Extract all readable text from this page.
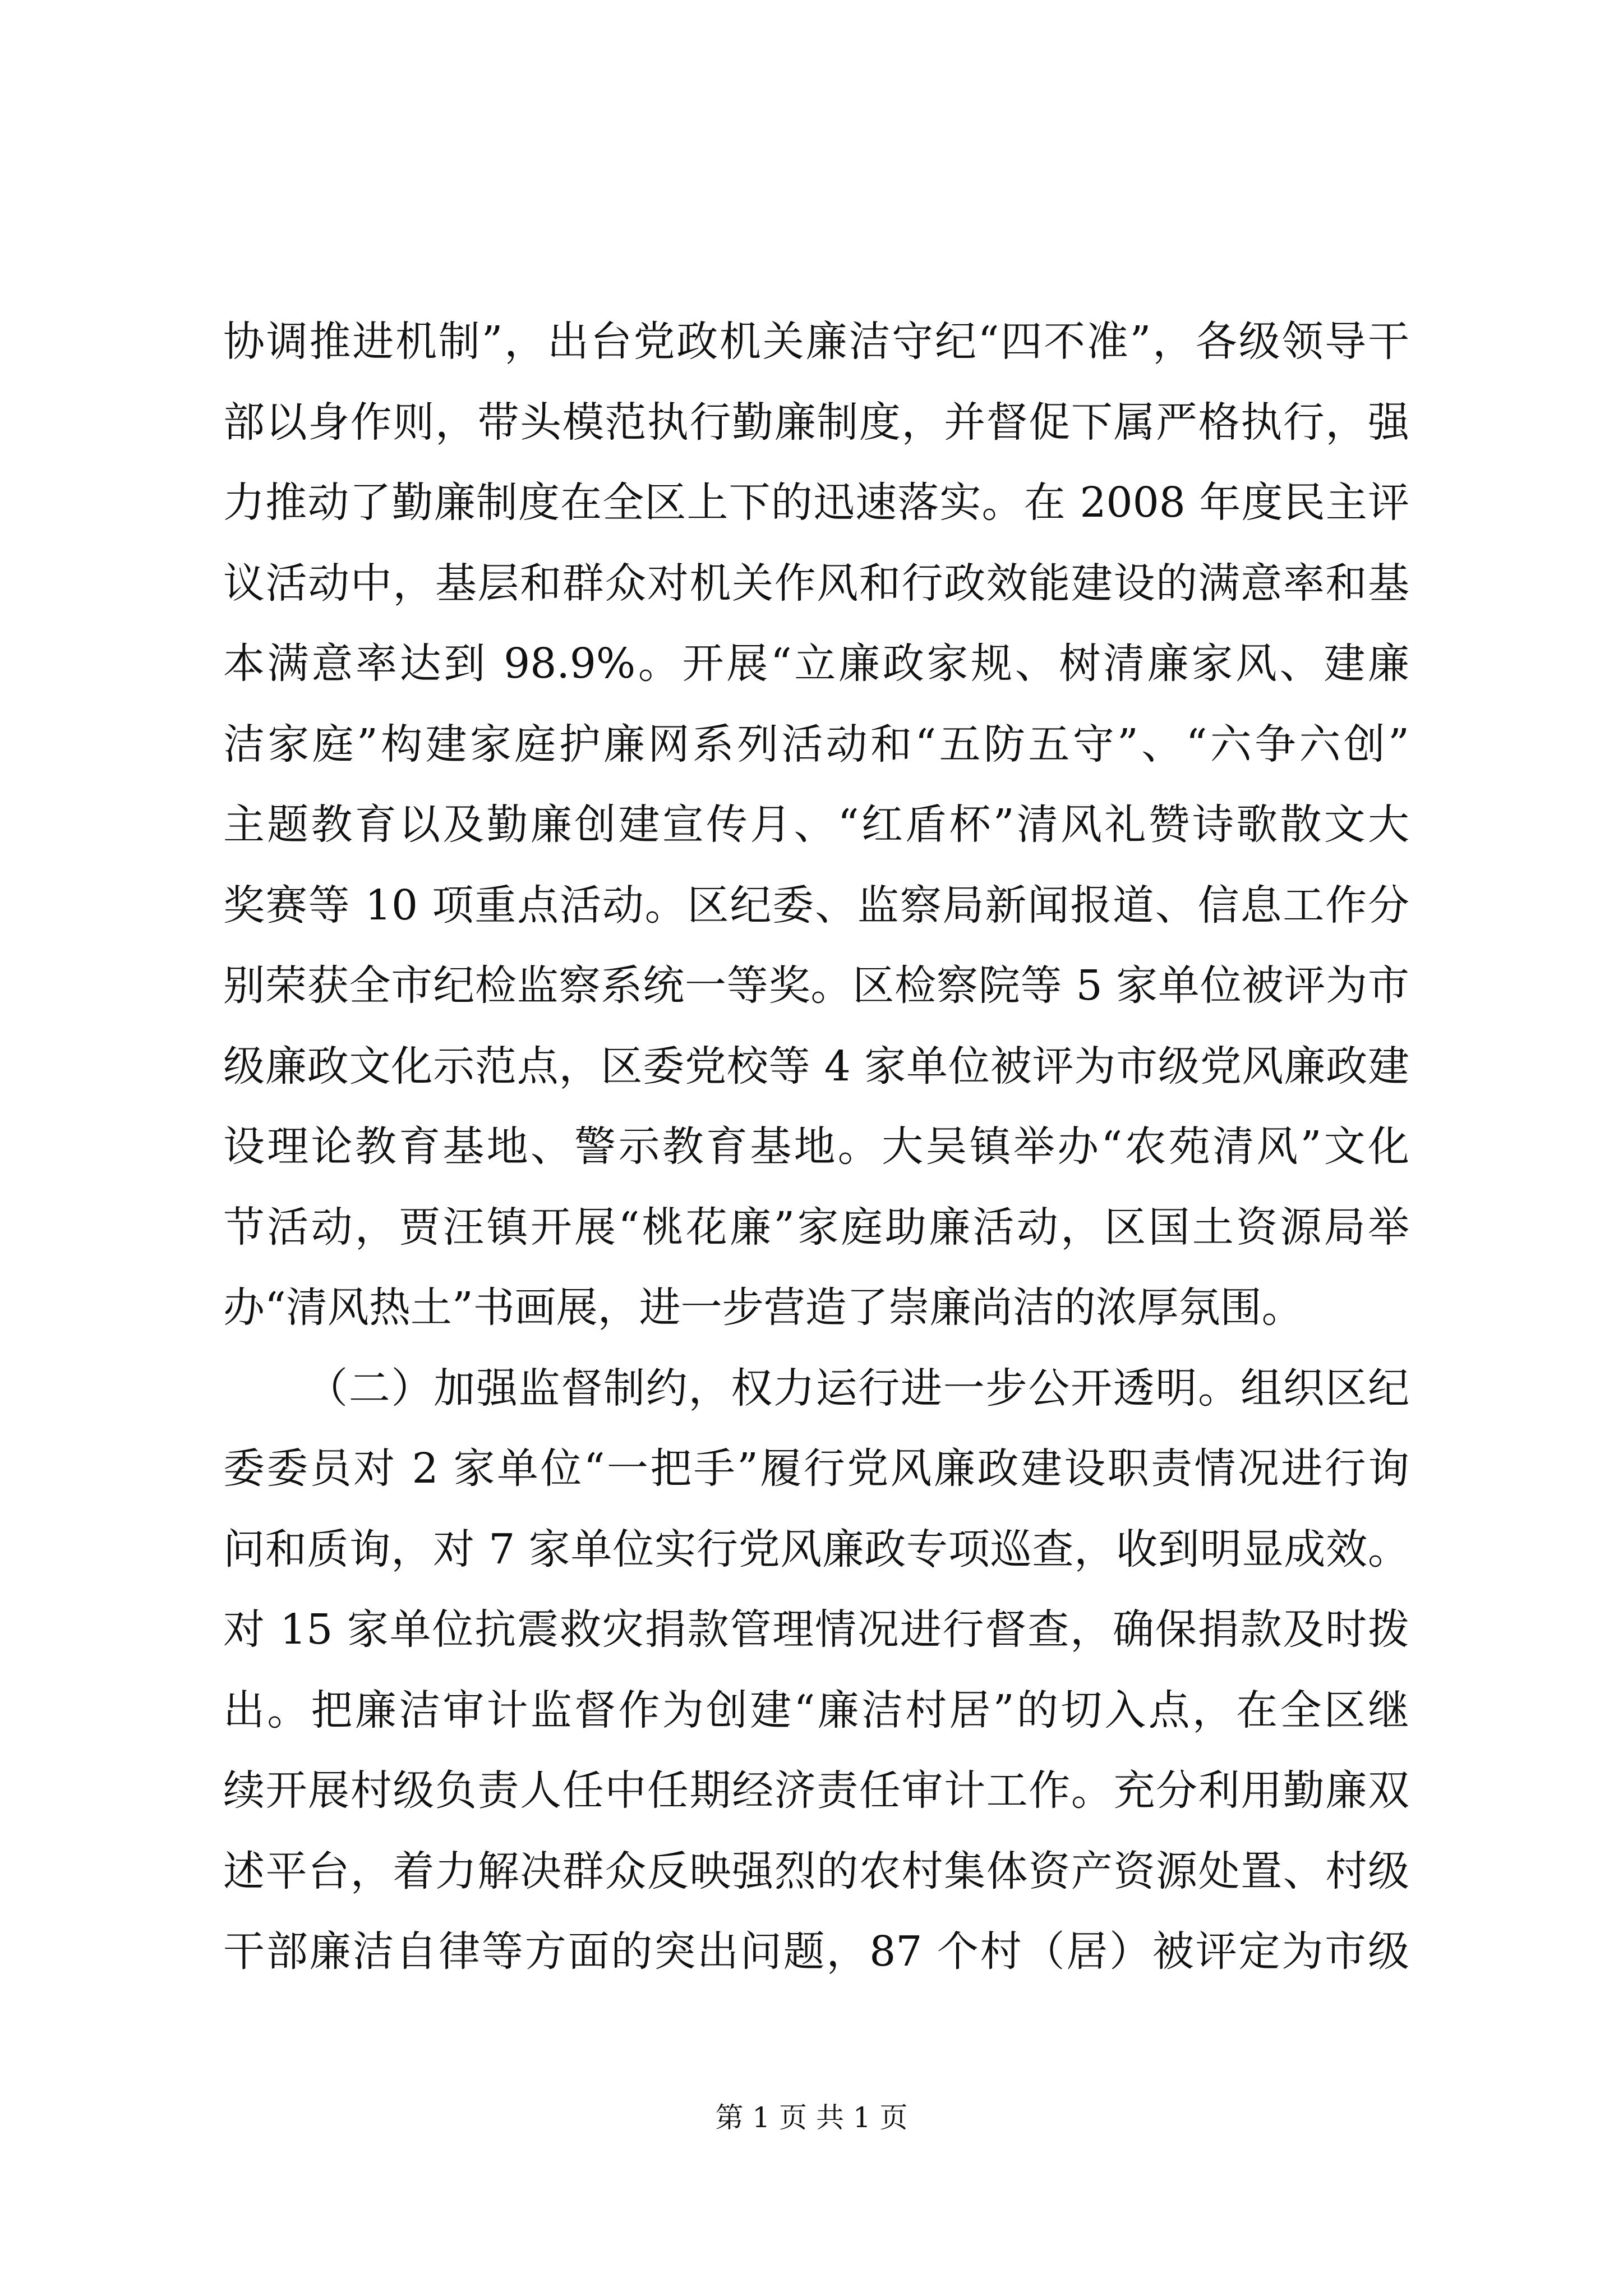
协调推进机制”，出台党政机关廉洁守纪“四不准”，各级领导干
部以身作则，带头模范执行勤廉制度，并督促下属严格执行，强
力推动了勤廉制度在全区上下的迅速落实。在 2008 年度民主评
议活动中，基层和群众对机关作风和行政效能建设的满意率和基
本满意率达到 98.9%。开展“立廉政家规、树清廉家风、建廉
洁家庭”构建家庭护廉网系列活动和“五防五守”、“六争六创”
主题教育以及勤廉创建宣传月、“红盾杯”清风礼赞诗歌散文大
奖赛等 10 项重点活动。区纪委、监察局新闻报道、信息工作分
别荣获全市纪检监察系统一等奖。区检察院等 5 家单位被评为市
级廉政文化示范点，区委党校等 4 家单位被评为市级党风廉政建
设理论教育基地、警示教育基地。大吴镇举办“农苑清风”文化
节活动，贾汪镇开展“桃花廉”家庭助廉活动，区国土资源局举
办“清风热土”书画展，进一步营造了崇廉尚洁的浓厚氛围。
（二）加强监督制约，权力运行进一步公开透明。组织区纪
委委员对 2 家单位“一把手”履行党风廉政建设职责情况进行询
问和质询，对 7 家单位实行党风廉政专项巡查，收到明显成效。
对 15 家单位抗震救灾捐款管理情况进行督查，确保捐款及时拨
出。把廉洁审计监督作为创建“廉洁村居”的切入点，在全区继
续开展村级负责人任中任期经济责任审计工作。充分利用勤廉双
述平台，着力解决群众反映强烈的农村集体资产资源处置、村级
干部廉洁自律等方面的突出问题，87 个村（居）被评定为市级
第 1 页 共 1 页
